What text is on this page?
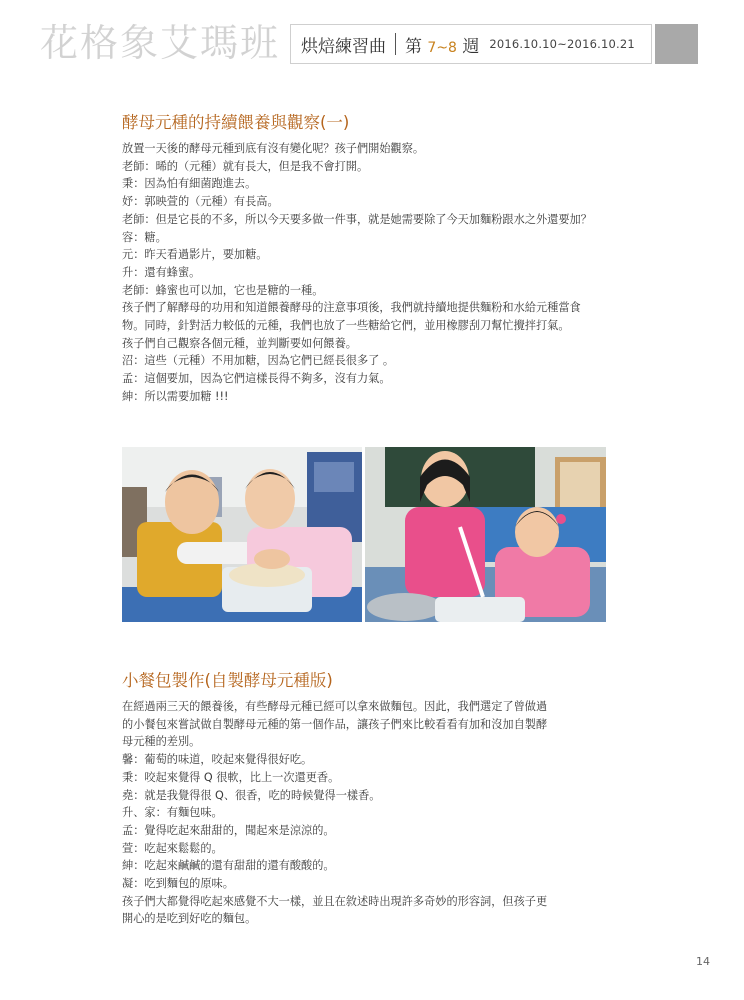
花格象艾瑪班	烘焙練習曲 第 7~8 週 2016.10.10~2016.10.21
酵母元種的持續餵養與觀察(一)
放置一天後的酵母元種到底有沒有變化呢？孩子們開始觀察。
老師：晞的（元種）就有長大，但是我不會打開。
秉：因為怕有細菌跑進去。
妤：郭映萱的（元種）有長高。
老師：但是它長的不多，所以今天要多做一件事，就是她需要除了今天加麵粉跟水之外還要加？
容：糖。
元：昨天看過影片，要加糖。
升：還有蜂蜜。
老師：蜂蜜也可以加，它也是糖的一種。
孩子們了解酵母的功用和知道餵養酵母的注意事項後，我們就持續地提供麵粉和水給元種當食
物。同時，針對活力較低的元種，我們也放了一些糖給它們，並用橡膠刮刀幫忙攪拌打氣。
孩子們自己觀察各個元種，並判斷要如何餵養。
沼：這些（元種）不用加糖，因為它們已經長很多了 。
孟：這個要加，因為它們這樣長得不夠多，沒有力氣。
紳：所以需要加糖 !!!
小餐包製作(自製酵母元種版)
在經過兩三天的餵養後，有些酵母元種已經可以拿來做麵包。因此，我們選定了曾做過
的小餐包來嘗試做自製酵母元種的第一個作品，讓孩子們來比較看看有加和沒加自製酵
母元種的差別。
馨：葡萄的味道，咬起來覺得很好吃。
秉：咬起來覺得 Q 很軟，比上一次還更香。
堯：就是我覺得很 Q、很香，吃的時候覺得一樣香。
升、家：有麵包味。
孟：覺得吃起來甜甜的，聞起來是涼涼的。
萱：吃起來鬆鬆的。
紳：吃起來鹹鹹的還有甜甜的還有酸酸的。
凝：吃到麵包的原味。
孩子們大都覺得吃起來感覺不大一樣，並且在敘述時出現許多奇妙的形容詞，但孩子更
開心的是吃到好吃的麵包。
14
